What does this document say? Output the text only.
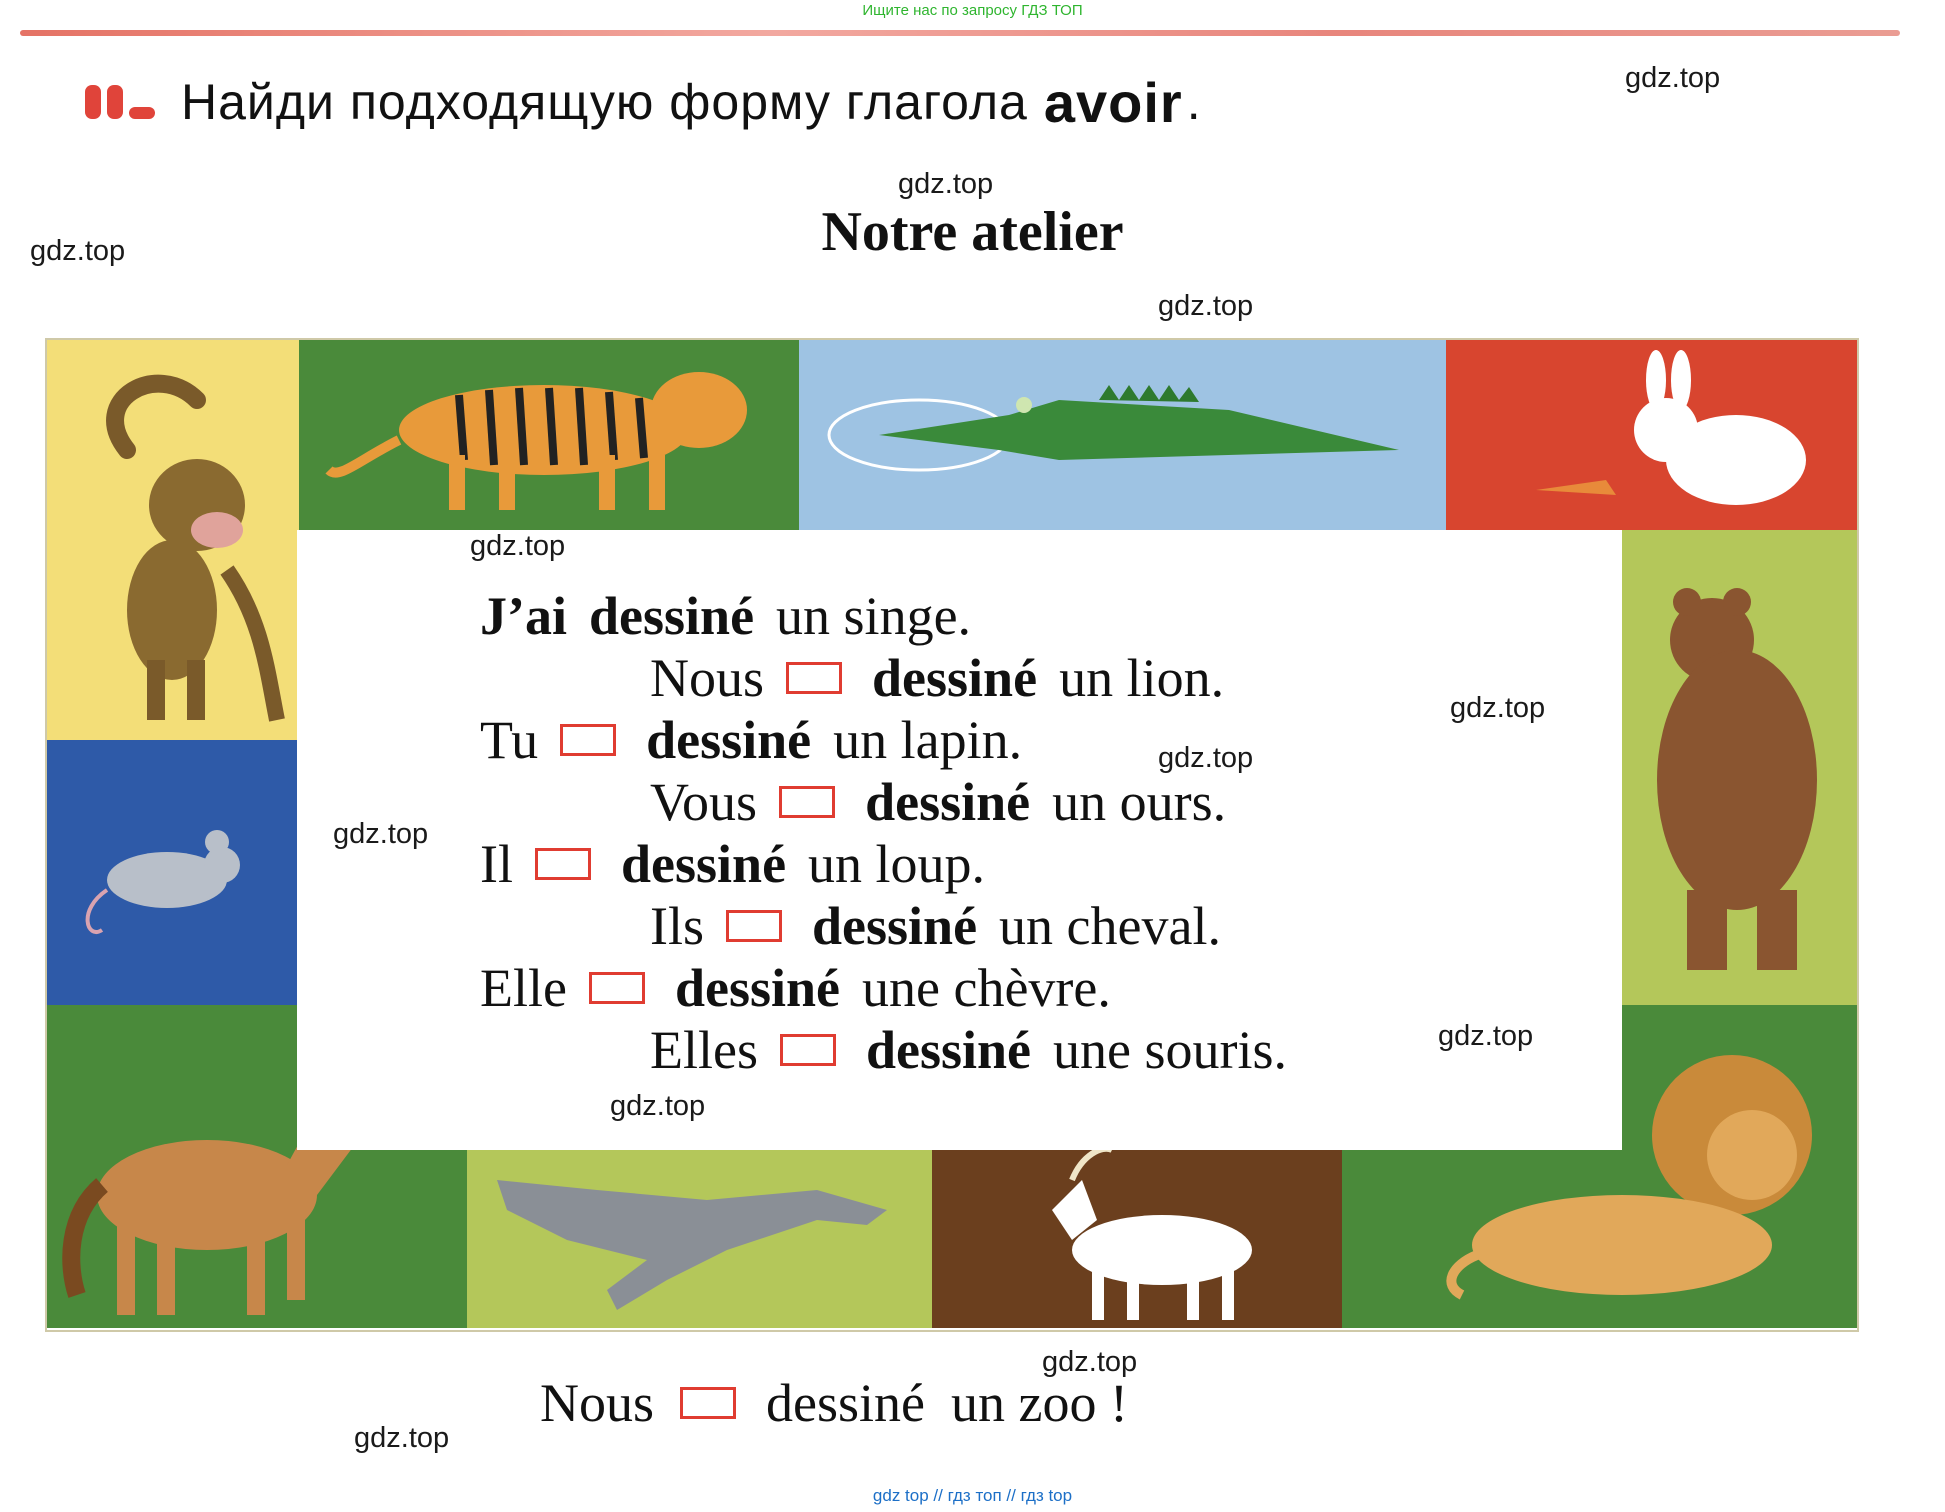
Ищите нас по запросу ГДЗ ТОП
Найди подходящую форму глагола avoir .
Notre atelier
J’ ai dessiné un singe.
Nous dessiné un lion.
Tu dessiné un lapin.
Vous dessiné un ours.
Il dessiné un loup.
Ils dessiné un cheval.
Elle dessiné une chèvre.
Elles dessiné une souris.
Nous dessiné un zoo !
gdz.top
gdz.top
gdz.top
gdz.top
gdz.top
gdz.top
gdz.top
gdz.top
gdz.top
gdz.top
gdz.top
gdz.top
gdz top // гдз топ // гдз top
